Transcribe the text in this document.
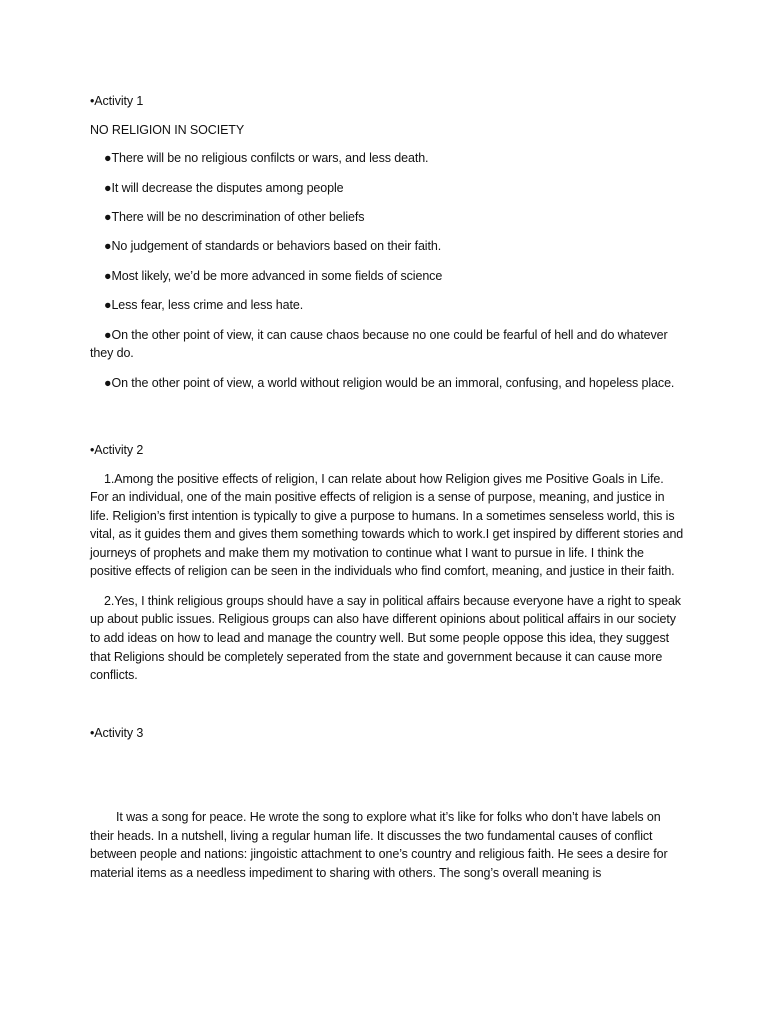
•Activity 1

NO RELIGION IN SOCIETY

●There will be no religious confilcts or wars, and less death.

●It will decrease the disputes among people

●There will be no descrimination of other beliefs

●No judgement of standards or behaviors based on their faith.

●Most likely, we’d be more advanced in some fields of science

●Less fear, less crime and less hate.

●On the other point of view, it can cause chaos because no one could be fearful of hell and do whatever they do.

●On the other point of view, a world without religion would be an immoral, confusing, and hopeless place.

•Activity 2

1.Among the positive effects of religion, I can relate about how Religion gives me Positive Goals in Life. For an individual, one of the main positive effects of religion is a sense of purpose, meaning, and justice in life. Religion’s first intention is typically to give a purpose to humans. In a sometimes senseless world, this is vital, as it guides them and gives them something towards which to work.I get inspired by different stories and journeys of prophets and make them my motivation to continue what I want to pursue in life. I think the positive effects of religion can be seen in the individuals who find comfort, meaning, and justice in their faith.

2.Yes, I think religious groups should have a say in political affairs because everyone have a right to speak up about public issues. Religious groups can also have different opinions about political affairs in our society to add ideas on how to lead and manage the country well. But some people oppose this idea, they suggest that Religions should be completely seperated from the state and government because it can cause more conflicts.

•Activity 3

It was a song for peace. He wrote the song to explore what it’s like for folks who don’t have labels on their heads. In a nutshell, living a regular human life. It discusses the two fundamental causes of conflict between people and nations: jingoistic attachment to one’s country and religious faith. He sees a desire for material items as a needless impediment to sharing with others. The song’s overall meaning is
